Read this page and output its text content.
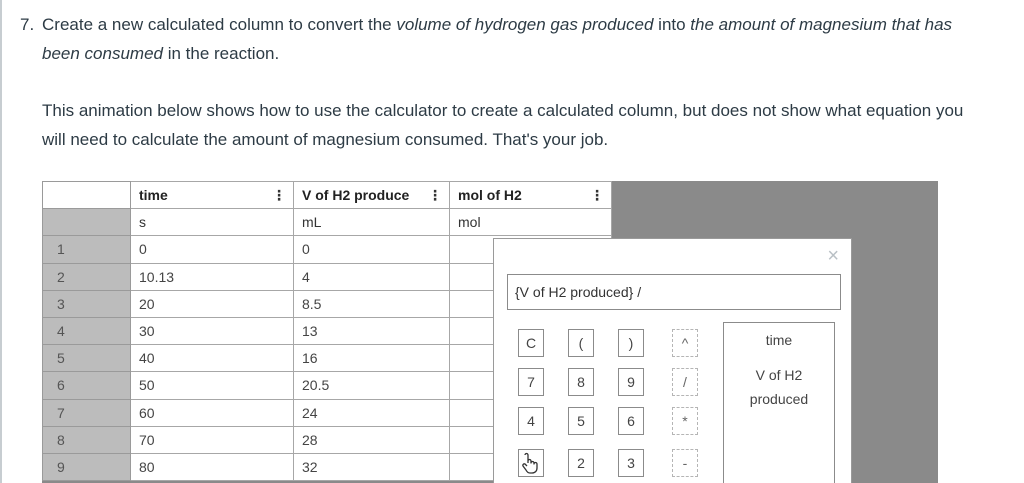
7. Create a new calculated column to convert the volume of hydrogen gas produced into the amount of magnesium that has
been consumed in the reaction.
This animation below shows how to use the calculator to create a calculated column, but does not show what equation you
will need to calculate the amount of magnesium consumed. That's your job.
	time ⋮	V of H2 produce ⋮	mol of H2 ⋮

	s	mL	mol
1	0	0	
2	10.13	4	
3	20	8.5	
4	30	13	
5	40	16	
6	50	20.5	
7	60	24	
8	70	28	
9	80	32	
×
{V of H2 produced} /
C	(	)	^
7	8	9	/
4	5	6	*
2	3	-
time
V of H2
produced
